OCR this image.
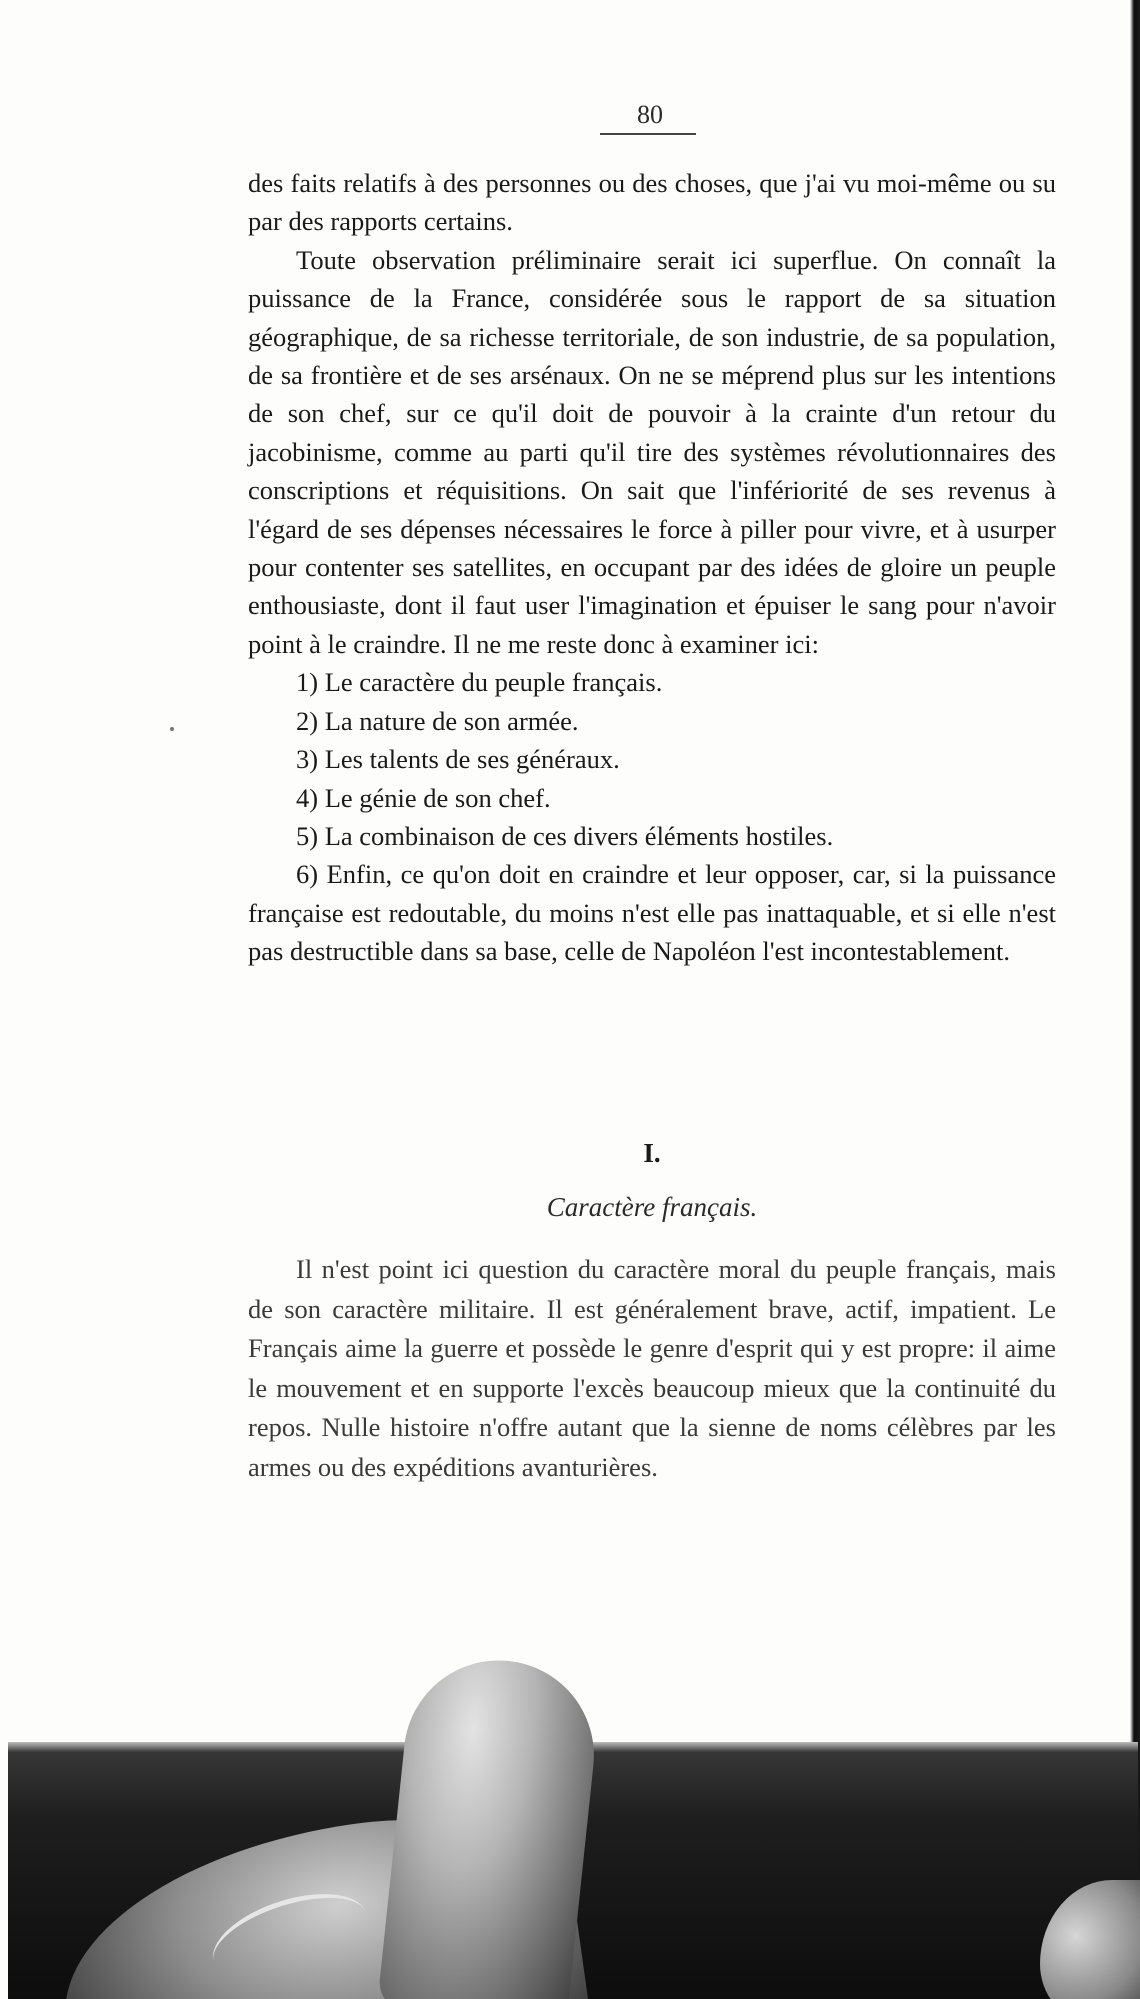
80

des faits relatifs à des personnes ou des choses, que j'ai vu moi-même ou su par des rapports certains.

Toute observation préliminaire serait ici superflue. On connaît la puissance de la France, considérée sous le rapport de sa situation géographique, de sa richesse territoriale, de son industrie, de sa population, de sa frontière et de ses arsénaux. On ne se méprend plus sur les intentions de son chef, sur ce qu'il doit de pouvoir à la crainte d'un retour du jacobinisme, comme au parti qu'il tire des systèmes révolutionnaires des conscriptions et réquisitions. On sait que l'infériorité de ses revenus à l'égard de ses dépenses nécessaires le force à piller pour vivre, et à usurper pour contenter ses satellites, en occupant par des idées de gloire un peuple enthousiaste, dont il faut user l'imagination et épuiser le sang pour n'avoir point à le craindre. Il ne me reste donc à examiner ici:

1) Le caractère du peuple français.
2) La nature de son armée.
3) Les talents de ses généraux.
4) Le génie de son chef.
5) La combinaison de ces divers éléments hostiles.

6) Enfin, ce qu'on doit en craindre et leur opposer, car, si la puissance française est redoutable, du moins n'est elle pas inattaquable, et si elle n'est pas destructible dans sa base, celle de Napoléon l'est incontestablement.

I.
Caractère français.

Il n'est point ici question du caractère moral du peuple français, mais de son caractère militaire. Il est généralement brave, actif, impatient. Le Français aime la guerre et possède le genre d'esprit qui y est propre: il aime le mouvement et en supporte l'excès beaucoup mieux que la continuité du repos. Nulle histoire n'offre autant que la sienne de noms célèbres par les armes ou des expéditions avanturières.
